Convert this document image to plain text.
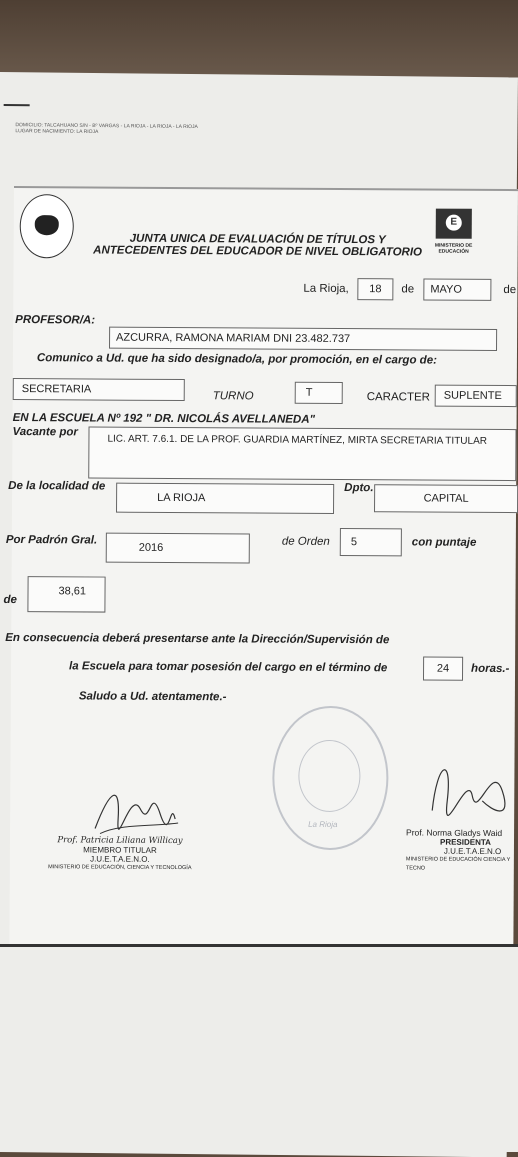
DOMICILIO: TALCAHUANO S/N - Bº VARGAS - LA RIOJA - LA RIOJA - LA RIOJA LUGAR DE NACIMIENTO: LA RIOJA
JUNTA UNICA DE EVALUACIÓN DE TÍTULOS Y
ANTECEDENTES DEL EDUCADOR DE NIVEL OBLIGATORIO
E
MINISTERIO DE EDUCACIÓN
La Rioja,	18	de	MAYO	de
PROFESOR/A:
AZCURRA, RAMONA MARIAM DNI 23.482.737
Comunico a Ud. que ha sido designado/a, por promoción, en el cargo de:
SECRETARIA
TURNO	T	CARACTER	SUPLENTE
EN LA ESCUELA Nº 192 " DR. NICOLÁS AVELLANEDA"
Vacante por
LIC. ART. 7.6.1. DE LA PROF. GUARDIA MARTÍNEZ, MIRTA SECRETARIA TITULAR
De la localidad de
LA RIOJA
Dpto.
CAPITAL
Por Padrón Gral.
2016	de Orden	5	con puntaje
de
38,61
En consecuencia deberá presentarse ante la Dirección/Supervisión de
la Escuela para tomar posesión del cargo en el término de	24	horas.-
Saludo a Ud. atentamente.-
La Rioja
Prof. Patricia Liliana Willicay
MIEMBRO TITULAR
J.U.E.T.A.E.N.O.
MINISTERIO DE EDUCACIÓN, CIENCIA Y TECNOLOGÍA
Prof. Norma Gladys Waid
PRESIDENTA
J.U.E.T.A.E.N.O
MINISTERIO DE EDUCACIÓN CIENCIA Y TECNO
